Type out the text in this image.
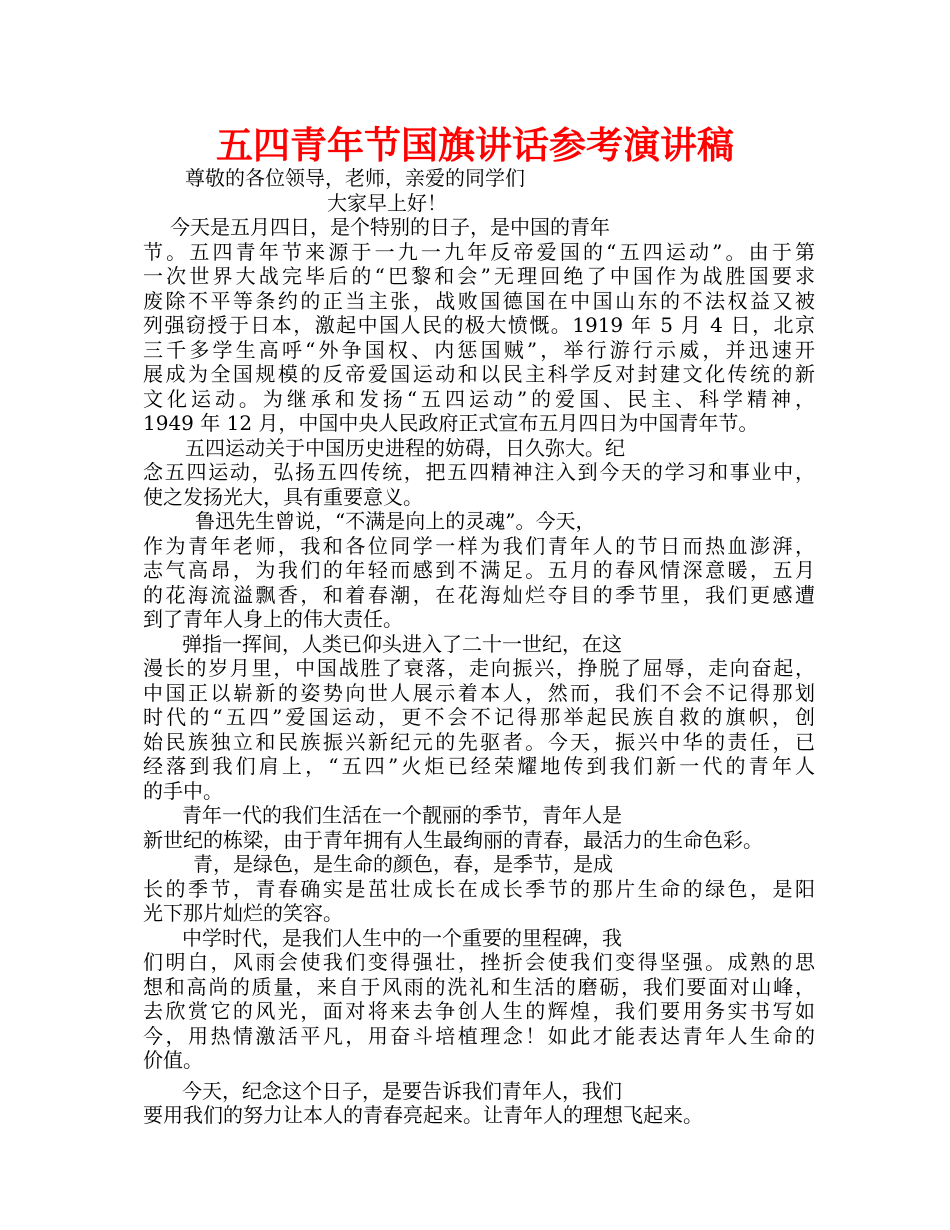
五四青年节国旗讲话参考演讲稿
尊敬的各位领导，老师，亲爱的同学们
大家早上好！
今天是五月四日，是个特别的日子，是中国的青年
节。五四青年节来源于一九一九年反帝爱国的“五四运动”。由于第
一次世界大战完毕后的“巴黎和会”无理回绝了中国作为战胜国要求
废除不平等条约的正当主张，战败国德国在中国山东的不法权益又被
列强窃授于日本，激起中国人民的极大愤慨。1919 年 5 月 4 日，北京
三千多学生高呼“外争国权、内惩国贼”，举行游行示威，并迅速开
展成为全国规模的反帝爱国运动和以民主科学反对封建文化传统的新
文化运动。为继承和发扬“五四运动”的爱国、民主、科学精神，
1949 年 12 月，中国中央人民政府正式宣布五月四日为中国青年节。
五四运动关于中国历史进程的妨碍，日久弥大。纪
念五四运动，弘扬五四传统，把五四精神注入到今天的学习和事业中，
使之发扬光大，具有重要意义。
鲁迅先生曾说，“不满是向上的灵魂”。今天，
作为青年老师，我和各位同学一样为我们青年人的节日而热血澎湃，
志气高昂，为我们的年轻而感到不满足。五月的春风情深意暖，五月
的花海流溢飘香，和着春潮，在花海灿烂夺目的季节里，我们更感遭
到了青年人身上的伟大责任。
弹指一挥间，人类已仰头进入了二十一世纪，在这
漫长的岁月里，中国战胜了衰落，走向振兴，挣脱了屈辱，走向奋起，
中国正以崭新的姿势向世人展示着本人，然而，我们不会不记得那划
时代的“五四”爱国运动，更不会不记得那举起民族自救的旗帜，创
始民族独立和民族振兴新纪元的先驱者。今天，振兴中华的责任，已
经落到我们肩上，“五四”火炬已经荣耀地传到我们新一代的青年人
的手中。
青年一代的我们生活在一个靓丽的季节，青年人是
新世纪的栋梁，由于青年拥有人生最绚丽的青春，最活力的生命色彩。
青，是绿色，是生命的颜色，春，是季节，是成
长的季节，青春确实是茁壮成长在成长季节的那片生命的绿色，是阳
光下那片灿烂的笑容。
中学时代，是我们人生中的一个重要的里程碑，我
们明白，风雨会使我们变得强壮，挫折会使我们变得坚强。成熟的思
想和高尚的质量，来自于风雨的洗礼和生活的磨砺，我们要面对山峰，
去欣赏它的风光，面对将来去争创人生的辉煌，我们要用务实书写如
今，用热情激活平凡，用奋斗培植理念！如此才能表达青年人生命的
价值。
今天，纪念这个日子，是要告诉我们青年人，我们
要用我们的努力让本人的青春亮起来。让青年人的理想飞起来。
